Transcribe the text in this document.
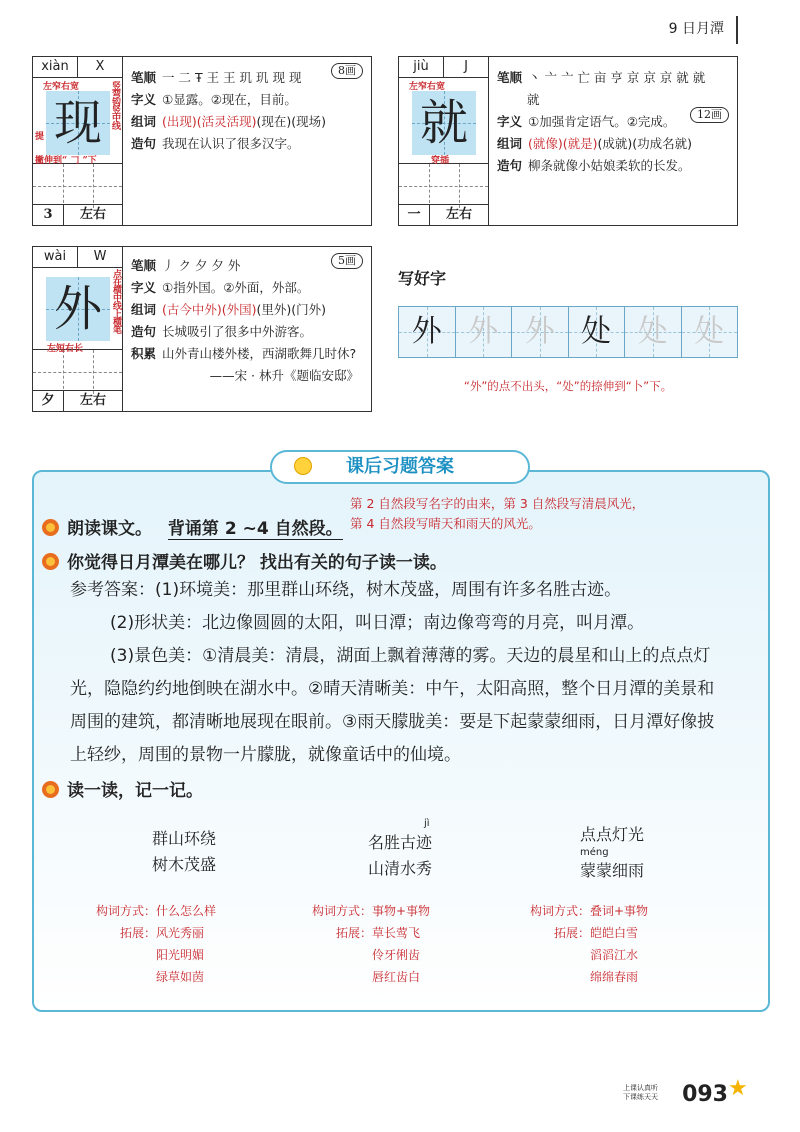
9 日月潭
xiàn	X
左窄右宽
现
提
竖弯钩竖中线
撇伸到“ 𠃌 ”下
3	左右
8画
笔顺 一 二 Ŧ 王 王 玑 玑 现 现
字义 ①显露。②现在，目前。
组词 (出现)(活灵活现)(现在)(现场)
造句 我现在认识了很多汉字。
jiù	J
左窄右宽
就
穿插
一	左右
12画
笔顺 丶 亠 亠 亡 亩 亨 京 京 京 就 就
就
字义 ①加强肯定语气。②完成。
组词 (就像)(就是)(成就)(功成名就)
造句 柳条就像小姑娘柔软的长发。
wài	W
外	点在横中线上横笔
左短右长
夕	左右
5画
笔顺 丿 ク 夕 夕 外
字义 ①指外国。②外面，外部。
组词 (古今中外)(外国)(里外)(门外)
造句 长城吸引了很多中外游客。
积累 山外青山楼外楼，西湖歌舞几时休?
——宋 · 林升《题临安邸》
写好字
外 外 外 处 处 处
“外”的点不出头，“处”的捺伸到“卜”下。
课后习题答案
朗读课文。 背诵第 2 ~4 自然段。
第 2 自然段写名字的由来，第 3 自然段写清晨风光，
第 4 自然段写晴天和雨天的风光。
你觉得日月潭美在哪儿？ 找出有关的句子读一读。
参考答案：(1)环境美：那里群山环绕，树木茂盛，周围有许多名胜古迹。
(2)形状美：北边像圆圆的太阳，叫日潭；南边像弯弯的月亮，叫月潭。
(3)景色美：①清晨美：清晨，湖面上飘着薄薄的雾。天边的晨星和山上的点点灯光，隐隐约约地倒映在湖水中。②晴天清晰美：中午，太阳高照，整个日月潭的美景和周围的建筑，都清晰地展现在眼前。③雨天朦胧美：要是下起蒙蒙细雨，日月潭好像披上轻纱，周围的景物一片朦胧，就像童话中的仙境。
读一读，记一记。
群山环绕
树木茂盛
jì
名胜古迹
山清水秀
点点灯光
méng
蒙蒙细雨
构词方式：什么怎么样
拓展：风光秀丽
阳光明媚
绿草如茵
构词方式：事物+事物
拓展：草长莺飞
伶牙俐齿
唇红齿白
构词方式：叠词+事物
拓展：皑皑白雪
滔滔江水
绵绵春雨
上课认真听
下课练天天 093 ★
